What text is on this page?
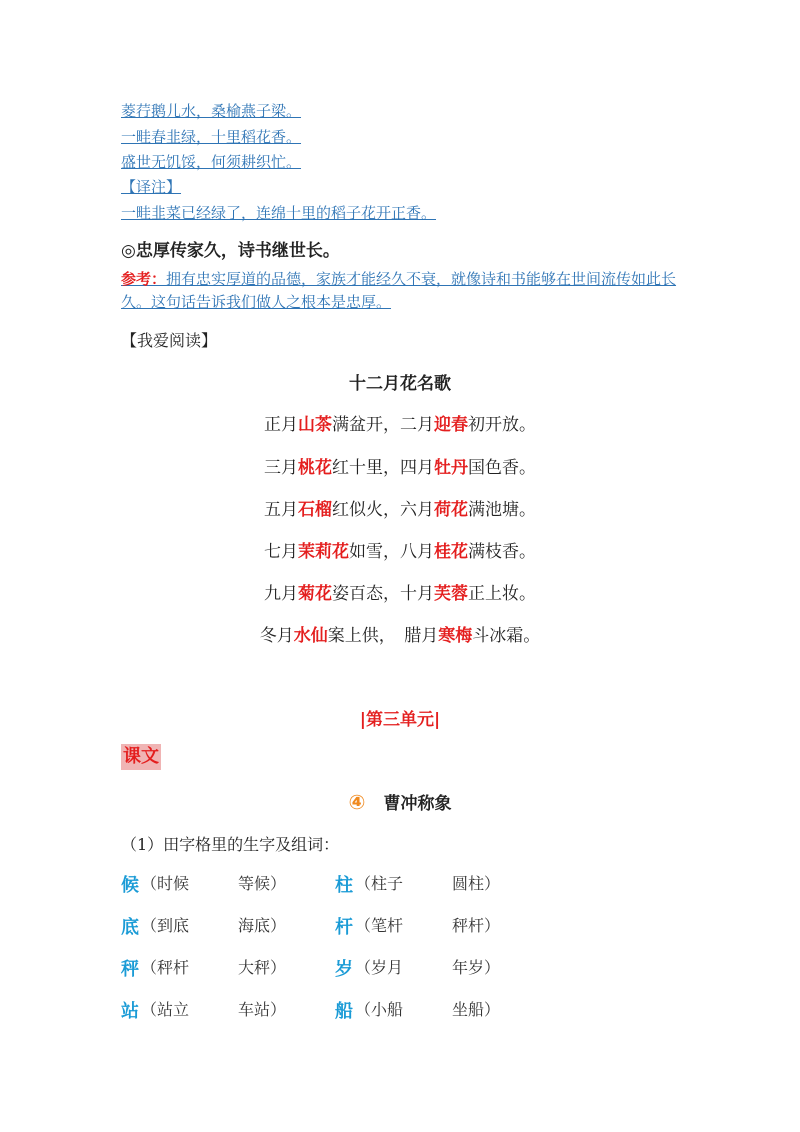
菱荇鹅儿水，桑榆燕子梁。
一畦春韭绿，十里稻花香。
盛世无饥馁，何须耕织忙。
【译注】
一畦韭菜已经绿了，连绵十里的稻子花开正香。
◎忠厚传家久，诗书继世长。
参考：拥有忠实厚道的品德，家族才能经久不衰，就像诗和书能够在世间流传如此长久。这句话告诉我们做人之根本是忠厚。
【我爱阅读】
十二月花名歌
正月山茶满盆开，二月迎春初开放。
三月桃花红十里，四月牡丹国色香。
五月石榴红似火，六月荷花满池塘。
七月茉莉花如雪，八月桂花满枝香。
九月菊花姿百态，十月芙蓉正上妆。
冬月水仙案上供，　腊月寒梅斗冰霜。
|第三单元|
课文
④ 曹冲称象
（1）田字格里的生字及组词：
候 （时候	等候）	柱 （柱子	圆柱）
底 （到底	海底）	杆 （笔杆	秤杆）
秤 （秤杆	大秤）	岁 （岁月	年岁）
站 （站立	车站）	船 （小船	坐船）
